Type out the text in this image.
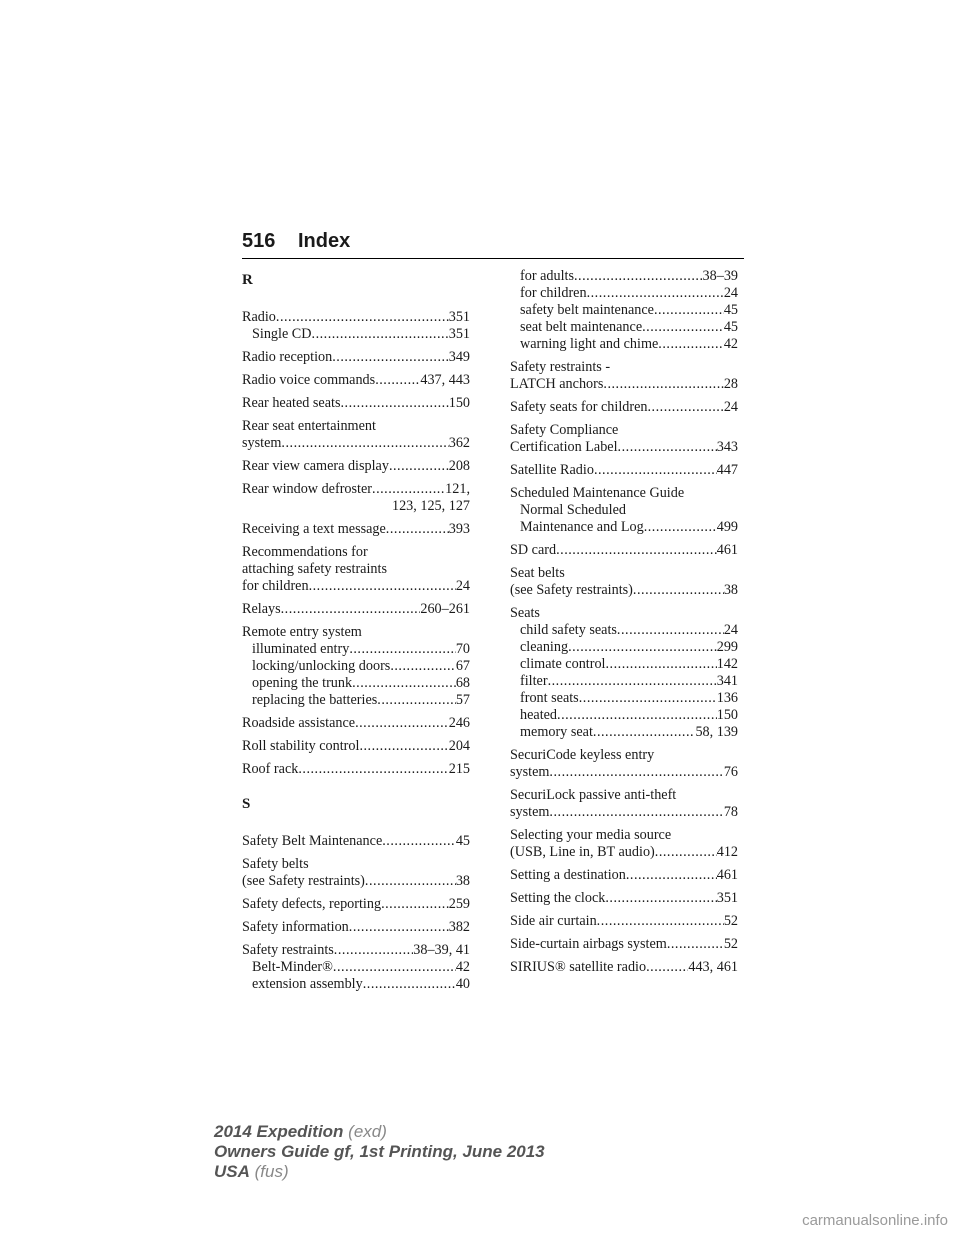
516 Index
R
Radio .....	351
Single CD .....	351
Radio reception .....	349
Radio voice commands .....	437, 443
Rear heated seats .....	150
Rear seat entertainment
system .....	362
Rear view camera display .....	208
Rear window defroster .....	121,
123, 125, 127
Receiving a text message .....	393
Recommendations for
attaching safety restraints
for children .....	24
Relays .....	260–261
Remote entry system
illuminated entry .....	70
locking/unlocking doors .....	67
opening the trunk .....	68
replacing the batteries .....	57
Roadside assistance .....	246
Roll stability control .....	204
Roof rack .....	215
S
Safety Belt Maintenance .....	45
Safety belts
(see Safety restraints) .....	38
Safety defects, reporting .....	259
Safety information .....	382
Safety restraints .....	38–39, 41
Belt-Minder® .....	42
extension assembly .....	40
for adults .....	38–39
for children .....	24
safety belt maintenance .....	45
seat belt maintenance .....	45
warning light and chime .....	42
Safety restraints -
LATCH anchors .....	28
Safety seats for children .....	24
Safety Compliance
Certification Label .....	343
Satellite Radio .....	447
Scheduled Maintenance Guide
Normal Scheduled
Maintenance and Log .....	499
SD card .....	461
Seat belts
(see Safety restraints) .....	38
Seats
child safety seats .....	24
cleaning .....	299
climate control .....	142
filter .....	341
front seats .....	136
heated .....	150
memory seat .....	58, 139
SecuriCode keyless entry
system .....	76
SecuriLock passive anti-theft
system .....	78
Selecting your media source
(USB, Line in, BT audio) .....	412
Setting a destination .....	461
Setting the clock .....	351
Side air curtain .....	52
Side-curtain airbags system .....	52
SIRIUS® satellite radio .....	443, 461
2014 Expedition (exd)
Owners Guide gf, 1st Printing, June 2013
USA (fus)
carmanualsonline.info
